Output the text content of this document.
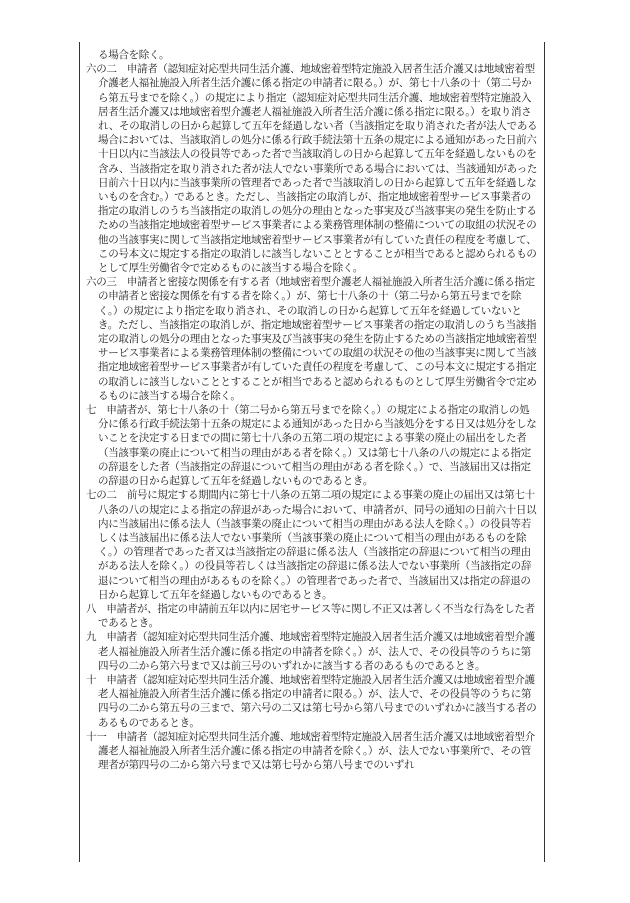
る場合を除く。

六の二　 申請者（認知症対応型共同生活介護、地域密着型特定施設入居者生活介護又は地域密着型介護老人福祉施設入所者生活介護に係る指定の申請者に限る。）が、第七十八条の十（第二号から第五号までを除く。）の規定により指定（認知症対応型共同生活介護、地域密着型特定施設入居者生活介護又は地域密着型介護老人福祉施設入所者生活介護に係る指定に限る。）を取り消され、その取消しの日から起算して五年を経過しない者（当該指定を取り消された者が法人である場合においては、当該取消しの処分に係る行政手続法第十五条の規定による通知があった日前六十日以内に当該法人の役員等であった者で当該取消しの日から起算して五年を経過しないものを含み、当該指定を取り消された者が法人でない事業所である場合においては、当該通知があった日前六十日以内に当該事業所の管理者であった者で当該取消しの日から起算して五年を経過しないものを含む。）であるとき。ただし、当該指定の取消しが、指定地域密着型サービス事業者の指定の取消しのうち当該指定の取消しの処分の理由となった事実及び当該事実の発生を防止するための当該指定地域密着型サービス事業者による業務管理体制の整備についての取組の状況その他の当該事実に関して当該指定地域密着型サービス事業者が有していた責任の程度を考慮して、この号本文に規定する指定の取消しに該当しないこととすることが相当であると認められるものとして厚生労働省令で定めるものに該当する場合を除く。

六の三　 申請者と密接な関係を有する者（地域密着型介護老人福祉施設入所者生活介護に係る指定の申請者と密接な関係を有する者を除く。）が、第七十八条の十（第二号から第五号までを除く。）の規定により指定を取り消され、その取消しの日から起算して五年を経過していないとき。ただし、当該指定の取消しが、指定地域密着型サービス事業者の指定の取消しのうち当該指定の取消しの処分の理由となった事実及び当該事実の発生を防止するための当該指定地域密着型サービス事業者による業務管理体制の整備についての取組の状況その他の当該事実に関して当該指定地域密着型サービス事業者が有していた責任の程度を考慮して、この号本文に規定する指定の取消しに該当しないこととすることが相当であると認められるものとして厚生労働省令で定めるものに該当する場合を除く。

七　 申請者が、第七十八条の十（第二号から第五号までを除く。）の規定による指定の取消しの処分に係る行政手続法第十五条の規定による通知があった日から当該処分をする日又は処分をしないことを決定する日までの間に第七十八条の五第二項の規定による事業の廃止の届出をした者（当該事業の廃止について相当の理由がある者を除く。）又は第七十八条の八の規定による指定の辞退をした者（当該指定の辞退について相当の理由がある者を除く。）で、当該届出又は指定の辞退の日から起算して五年を経過しないものであるとき。

七の二　 前号に規定する期間内に第七十八条の五第二項の規定による事業の廃止の届出又は第七十八条の八の規定による指定の辞退があった場合において、申請者が、同号の通知の日前六十日以内に当該届出に係る法人（当該事業の廃止について相当の理由がある法人を除く。）の役員等若しくは当該届出に係る法人でない事業所（当該事業の廃止について相当の理由があるものを除く。）の管理者であった者又は当該指定の辞退に係る法人（当該指定の辞退について相当の理由がある法人を除く。）の役員等若しくは当該指定の辞退に係る法人でない事業所（当該指定の辞退について相当の理由があるものを除く。）の管理者であった者で、当該届出又は指定の辞退の日から起算して五年を経過しないものであるとき。

八　 申請者が、指定の申請前五年以内に居宅サービス等に関し不正又は著しく不当な行為をした者であるとき。

九　 申請者（認知症対応型共同生活介護、地域密着型特定施設入居者生活介護又は地域密着型介護老人福祉施設入所者生活介護に係る指定の申請者を除く。）が、法人で、その役員等のうちに第四号の二から第六号まで又は前三号のいずれかに該当する者のあるものであるとき。

十　 申請者（認知症対応型共同生活介護、地域密着型特定施設入居者生活介護又は地域密着型介護老人福祉施設入所者生活介護に係る指定の申請者に限る。）が、法人で、その役員等のうちに第四号の二から第五号の三まで、第六号の二又は第七号から第八号までのいずれかに該当する者のあるものであるとき。

十一　 申請者（認知症対応型共同生活介護、地域密着型特定施設入居者生活介護又は地域密着型介護老人福祉施設入所者生活介護に係る指定の申請者を除く。）が、法人でない事業所で、その管理者が第四号の二から第六号まで又は第七号から第八号までのいずれ
